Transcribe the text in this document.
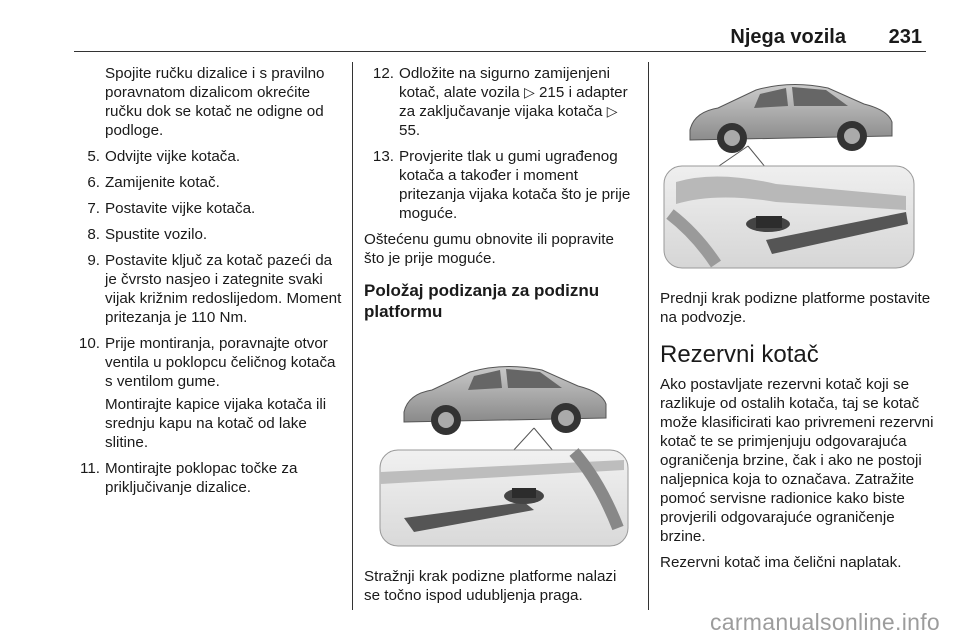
Njega vozila 231

Spojite ručku dizalice i s pravilno poravnatom dizalicom okrećite ručku dok se kotač ne odigne od podloge.

5. Odvijte vijke kotača.
6. Zamijenite kotač.
7. Postavite vijke kotača.
8. Spustite vozilo.
9. Postavite ključ za kotač pazeći da je čvrsto nasjeo i zategnite svaki vijak križnim redoslijedom. Moment pritezanja je 110 Nm.
10. Prije montiranja, poravnajte otvor ventila u poklopcu čeličnog kotača s ventilom gume.

Montirajte kapice vijaka kotača ili srednju kapu na kotač od lake slitine.

11. Montirajte poklopac točke za priključivanje dizalice.
12. Odložite na sigurno zamijenjeni kotač, alate vozila ▷ 215 i adapter za zaključavanje vijaka kotača ▷ 55.
13. Provjerite tlak u gumi ugrađenog kotača a također i moment pritezanja vijaka kotača što je prije moguće.

Oštećenu gumu obnovite ili popravite što je prije moguće.

Položaj podizanja za podiznu platformu

Stražnji krak podizne platforme nalazi se točno ispod udubljenja praga.

Prednji krak podizne platforme postavite na podvozje.

Rezervni kotač

Ako postavljate rezervni kotač koji se razlikuje od ostalih kotača, taj se kotač može klasificirati kao privremeni rezervni kotač te se primjenjuju odgovarajuća ograničenja brzine, čak i ako ne postoji naljepnica koja to označava. Zatražite pomoć servisne radionice kako biste provjerili odgovarajuće ograničenje brzine.

Rezervni kotač ima čelični naplatak.

carmanualsonline.info
